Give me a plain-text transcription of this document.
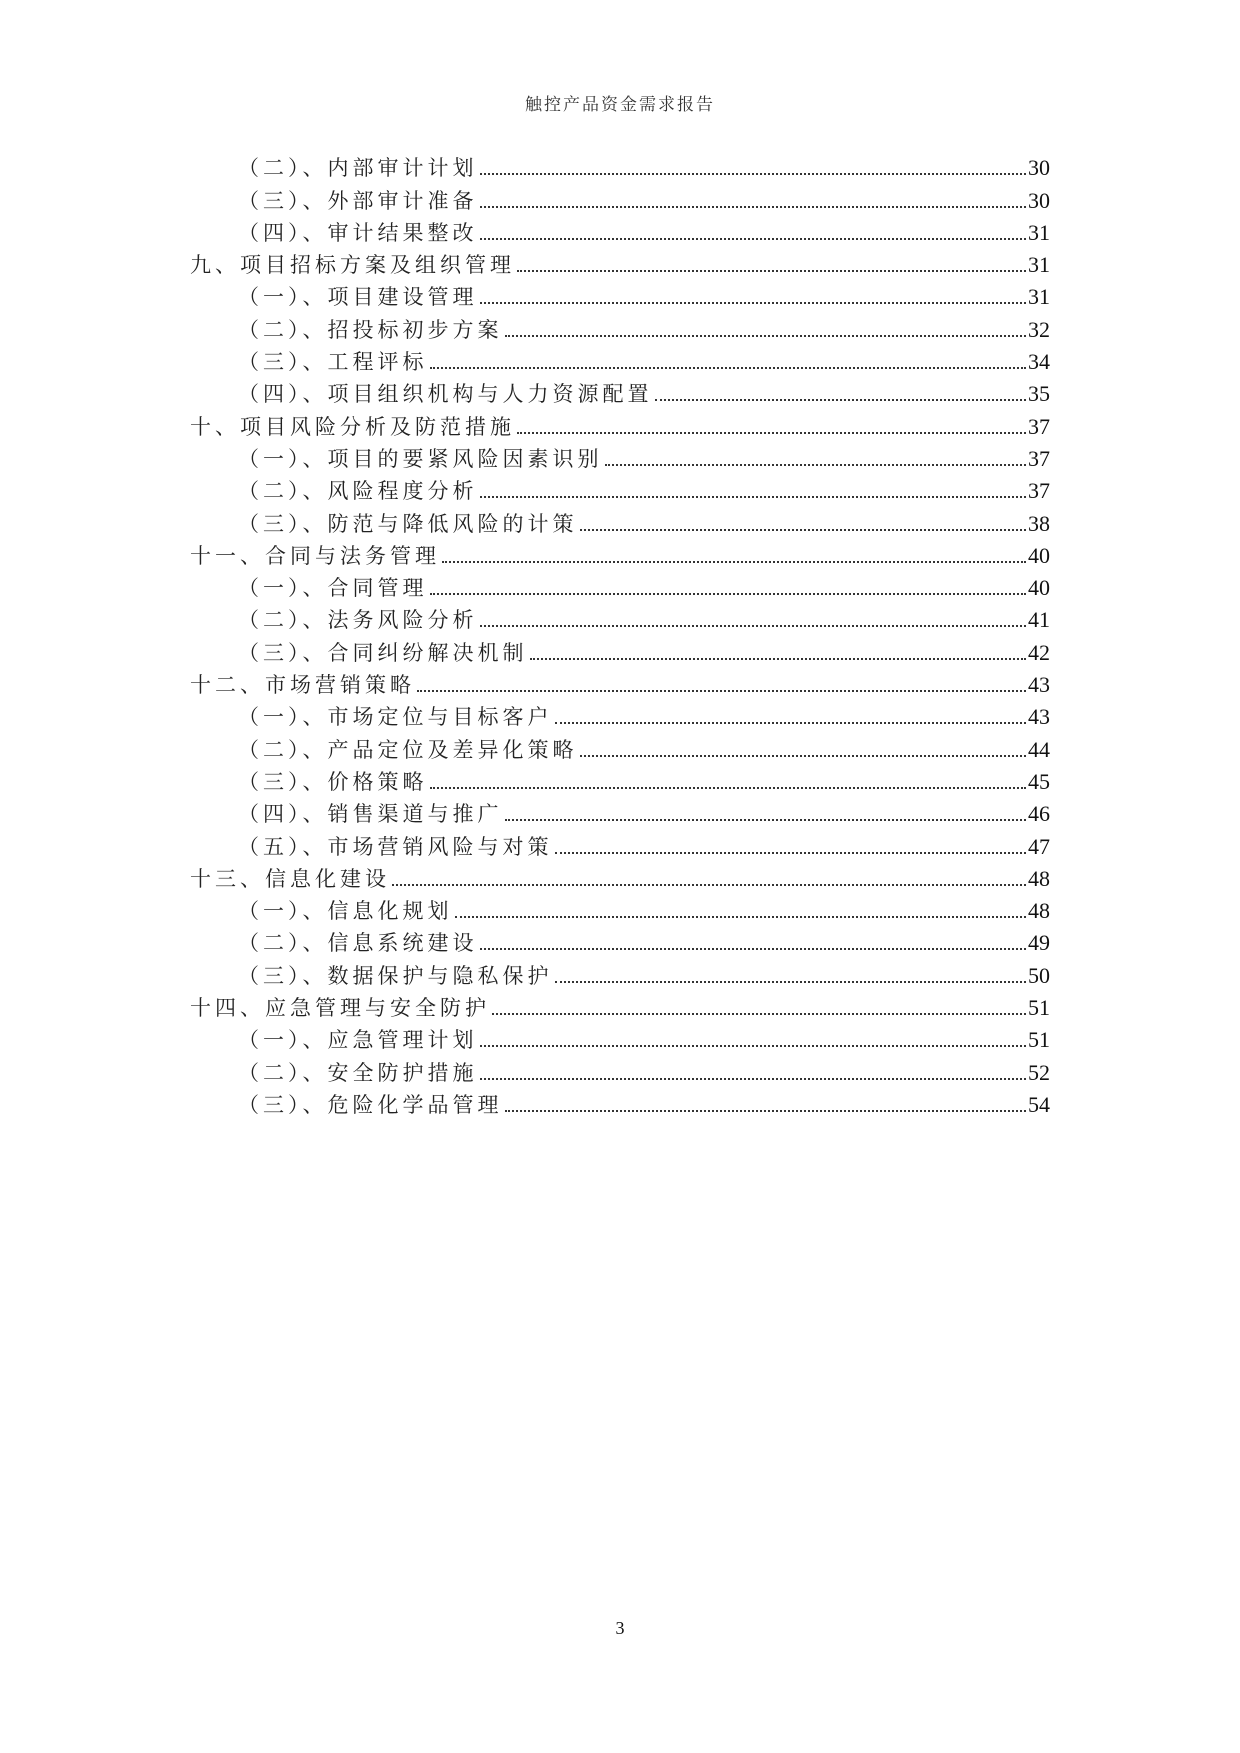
触控产品资金需求报告
（二）、内部审计计划	30
（三）、外部审计准备	30
（四）、审计结果整改	31
九、项目招标方案及组织管理	31
（一）、项目建设管理	31
（二）、招投标初步方案	32
（三）、工程评标	34
（四）、项目组织机构与人力资源配置	35
十、项目风险分析及防范措施	37
（一）、项目的要紧风险因素识别	37
（二）、风险程度分析	37
（三）、防范与降低风险的计策	38
十一、合同与法务管理	40
（一）、合同管理	40
（二）、法务风险分析	41
（三）、合同纠纷解决机制	42
十二、市场营销策略	43
（一）、市场定位与目标客户	43
（二）、产品定位及差异化策略	44
（三）、价格策略	45
（四）、销售渠道与推广	46
（五）、市场营销风险与对策	47
十三、信息化建设	48
（一）、信息化规划	48
（二）、信息系统建设	49
（三）、数据保护与隐私保护	50
十四、应急管理与安全防护	51
（一）、应急管理计划	51
（二）、安全防护措施	52
（三）、危险化学品管理	54
3
